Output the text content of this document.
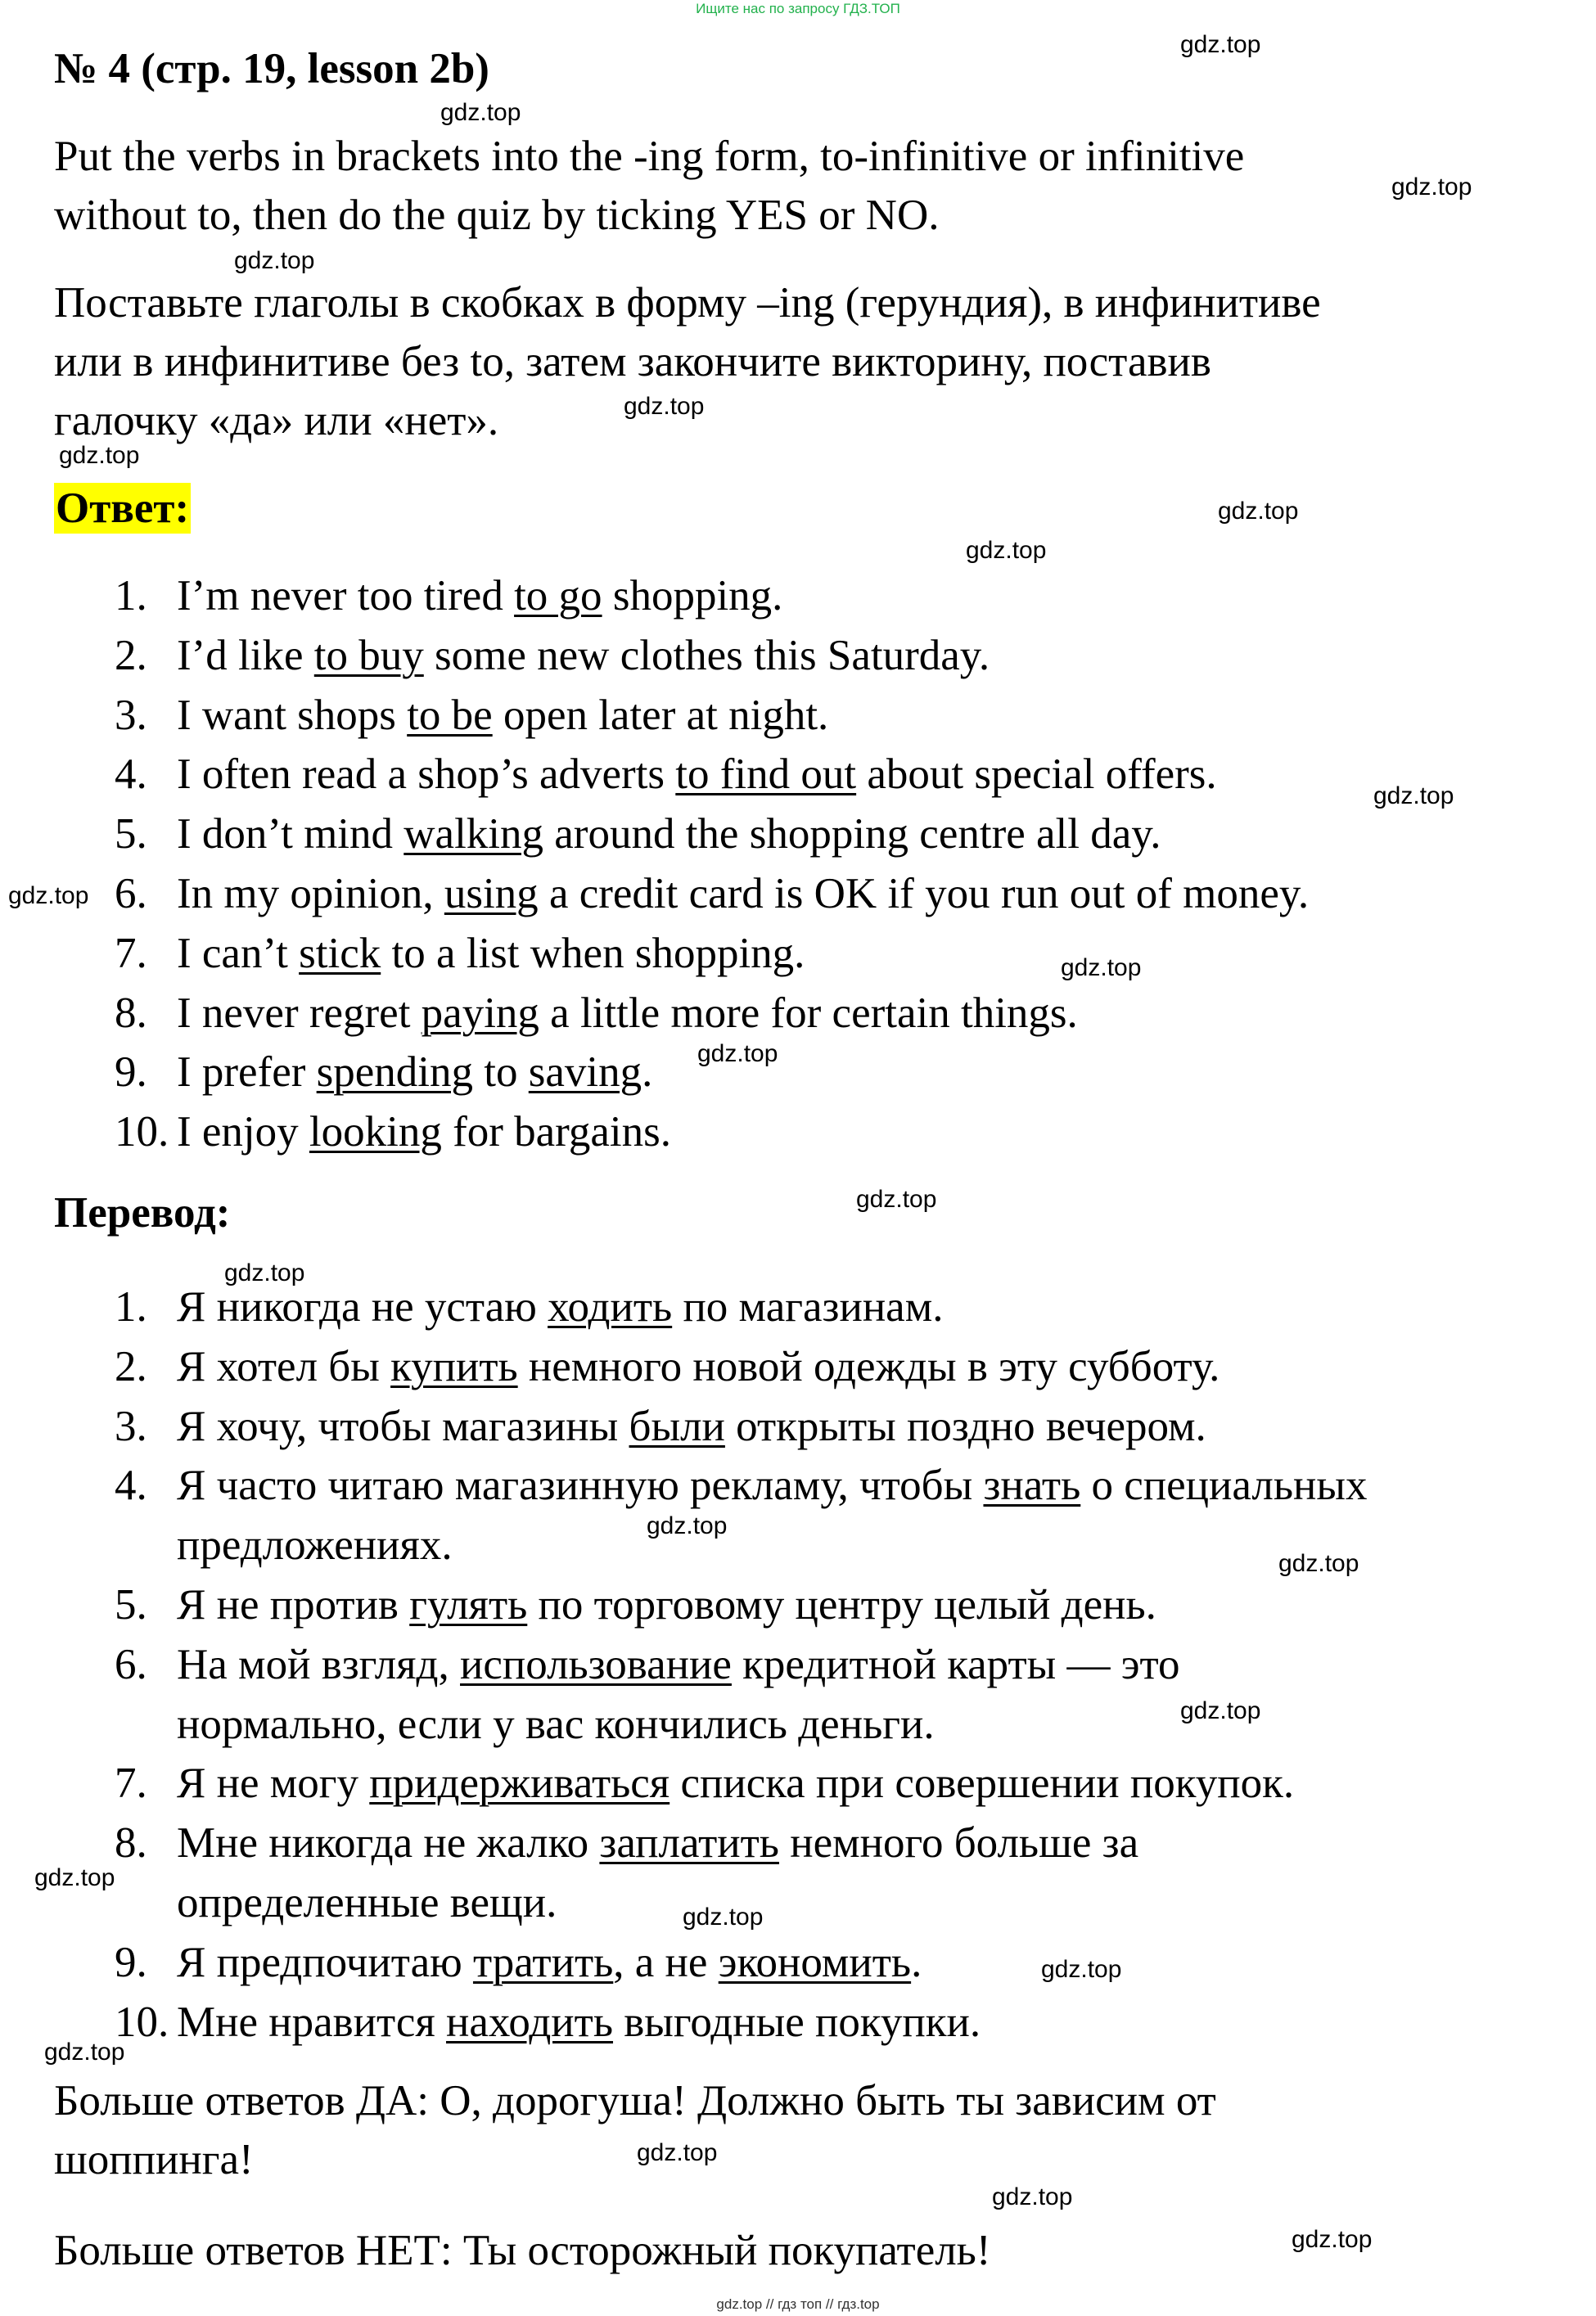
Ищите нас по запросу ГДЗ.ТОП
№ 4 (стр. 19, lesson 2b)
Put the verbs in brackets into the -ing form, to-infinitive or infinitive
without to, then do the quiz by ticking YES or NO.
Поставьте глаголы в скобках в форму –ing (герундия), в инфинитиве
или в инфинитиве без to, затем закончите викторину, поставив
галочку «да» или «нет».
Ответ:
1. I’m never too tired to go shopping.
2. I’d like to buy some new clothes this Saturday.
3. I want shops to be open later at night.
4. I often read a shop’s adverts to find out about special offers.
5. I don’t mind walking around the shopping centre all day.
6. In my opinion, using a credit card is OK if you run out of money.
7. I can’t stick to a list when shopping.
8. I never regret paying a little more for certain things.
9. I prefer spending to saving.
10. I enjoy looking for bargains.
Перевод:
1. Я никогда не устаю ходить по магазинам.
2. Я хотел бы купить немного новой одежды в эту субботу.
3. Я хочу, чтобы магазины были открыты поздно вечером.
4. Я часто читаю магазинную рекламу, чтобы знать о специальных
предложениях.
5. Я не против гулять по торговому центру целый день.
6. На мой взгляд, использование кредитной карты — это
нормально, если у вас кончились деньги.
7. Я не могу придерживаться списка при совершении покупок.
8. Мне никогда не жалко заплатить немного больше за
определенные вещи.
9. Я предпочитаю тратить, а не экономить.
10. Мне нравится находить выгодные покупки.
Больше ответов ДА: О, дорогуша! Должно быть ты зависим от
шоппинга!
Больше ответов НЕТ: Ты осторожный покупатель!
gdz.top
gdz.top
gdz.top
gdz.top
gdz.top
gdz.top
gdz.top
gdz.top
gdz.top
gdz.top
gdz.top
gdz.top
gdz.top
gdz.top
gdz.top
gdz.top
gdz.top
gdz.top
gdz.top
gdz.top
gdz.top
gdz.top
gdz.top
gdz.top
gdz.top // гдз топ // гдз.top
